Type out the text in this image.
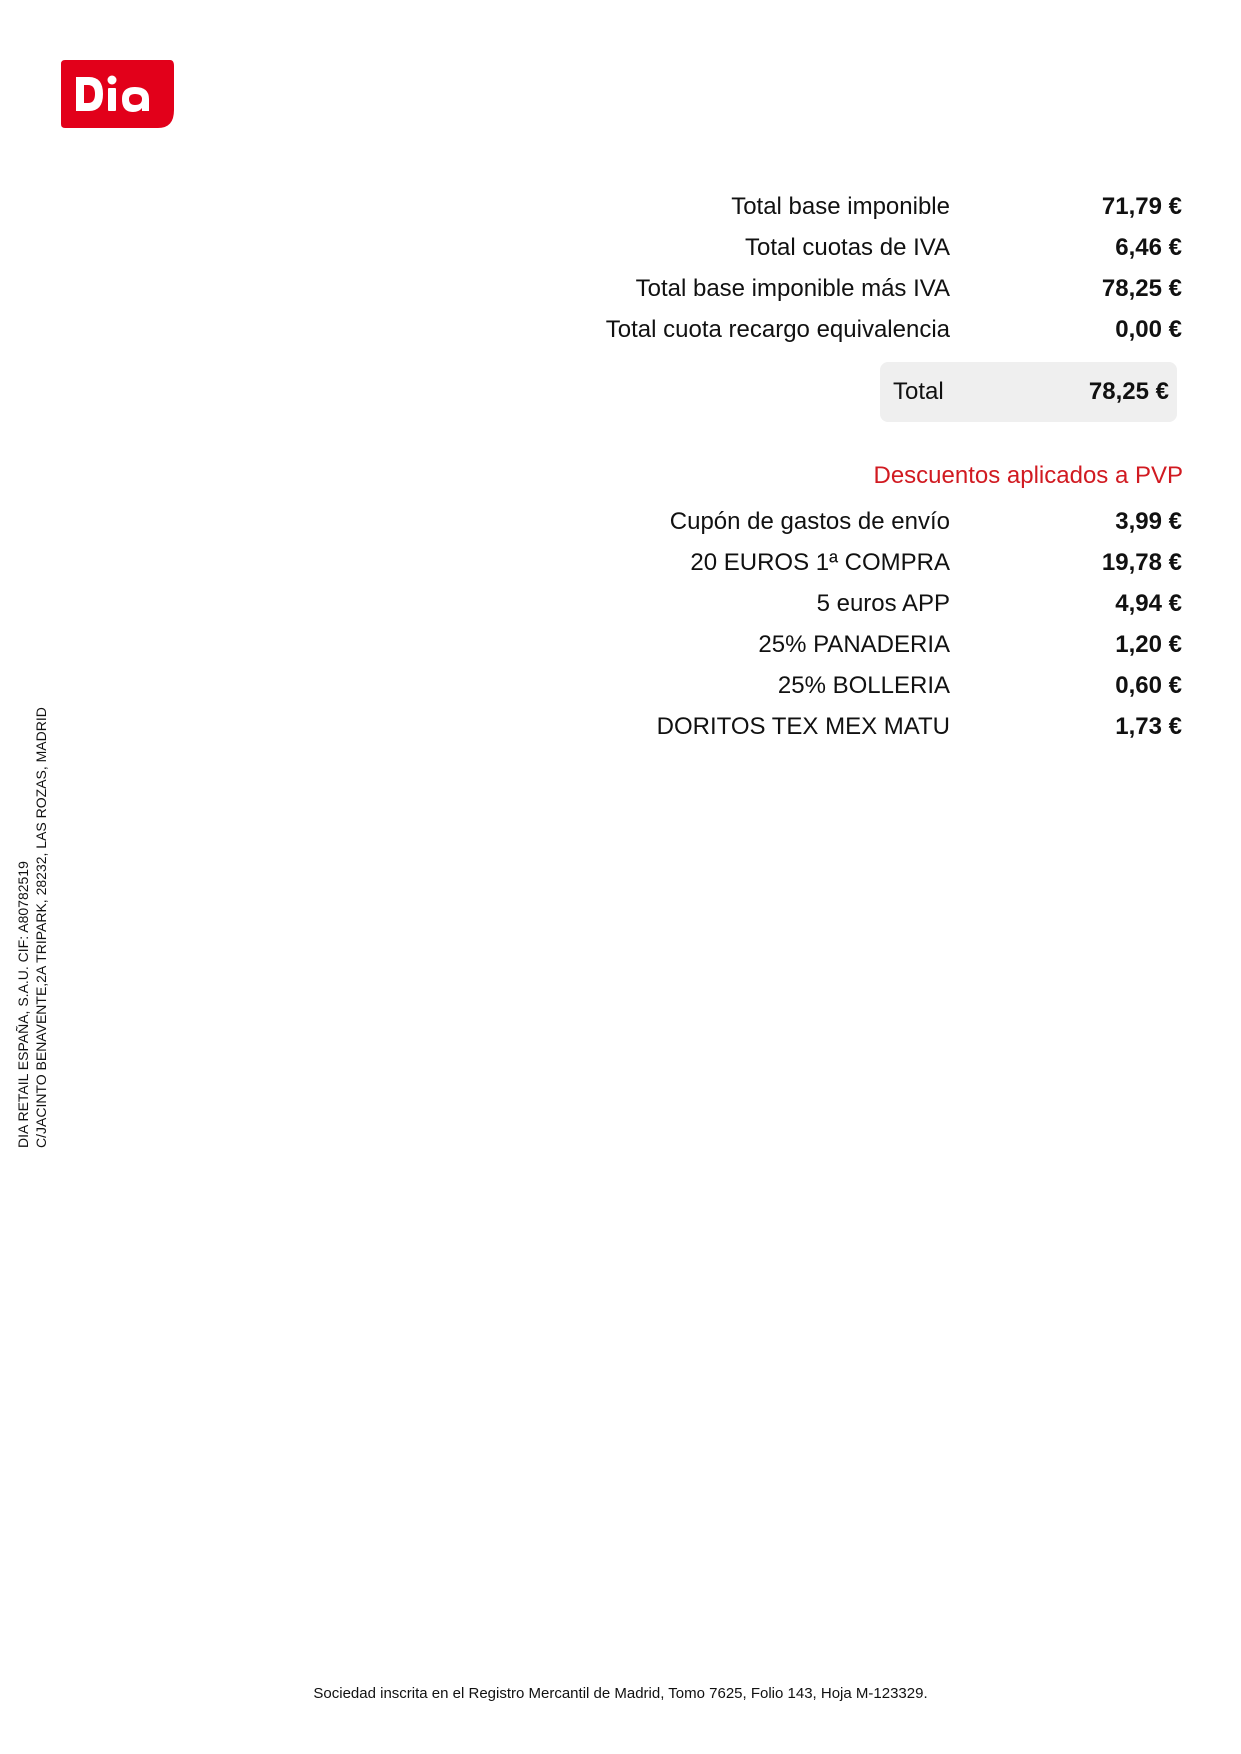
Total base imponible	71,79 €
Total cuotas de IVA	6,46 €
Total base imponible más IVA	78,25 €
Total cuota recargo equivalencia	0,00 €
Total	78,25 €
Descuentos aplicados a PVP
Cupón de gastos de envío	3,99 €
20 EUROS 1ª COMPRA	19,78 €
5 euros APP	4,94 €
25% PANADERIA	1,20 €
25% BOLLERIA	0,60 €
DORITOS TEX MEX MATU	1,73 €
DIA RETAIL ESPAÑA, S.A.U. CIF: A80782519 C/JACINTO BENAVENTE,2A TRIPARK, 28232, LAS ROZAS, MADRID
Sociedad inscrita en el Registro Mercantil de Madrid, Tomo 7625, Folio 143, Hoja M-123329.
